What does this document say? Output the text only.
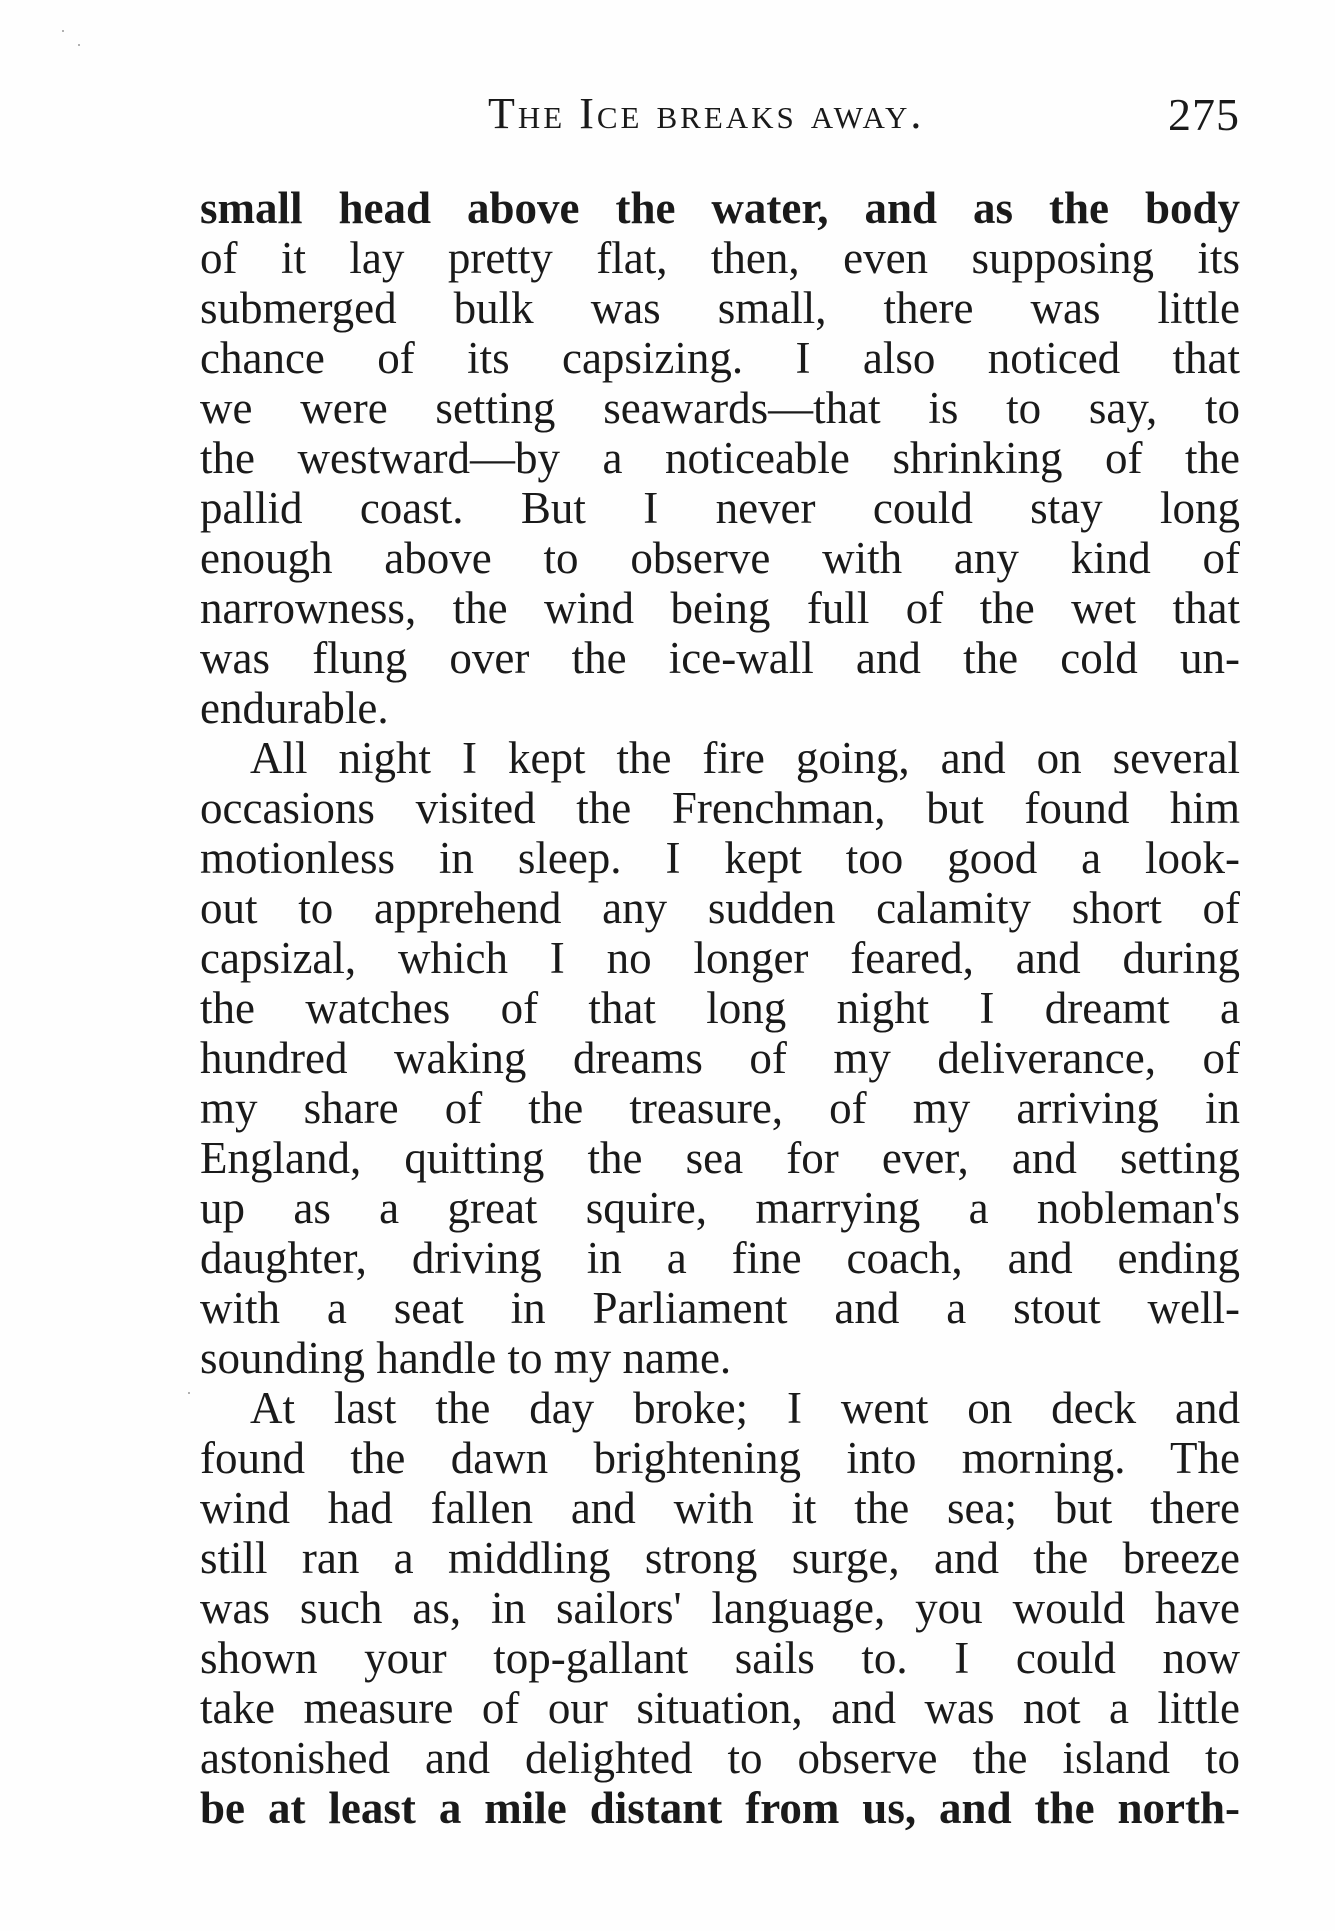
The Ice breaks away.	275
small head above the water, and as the body
of it lay pretty flat, then, even supposing its
submerged bulk was small, there was little
chance of its capsizing. I also noticed that
we were setting seawards—that is to say, to
the westward—by a noticeable shrinking of the
pallid coast. But I never could stay long
enough above to observe with any kind of
narrowness, the wind being full of the wet that
was flung over the ice-wall and the cold un-
endurable.
All night I kept the fire going, and on several
occasions visited the Frenchman, but found him
motionless in sleep. I kept too good a look-
out to apprehend any sudden calamity short of
capsizal, which I no longer feared, and during
the watches of that long night I dreamt a
hundred waking dreams of my deliverance, of
my share of the treasure, of my arriving in
England, quitting the sea for ever, and setting
up as a great squire, marrying a nobleman's
daughter, driving in a fine coach, and ending
with a seat in Parliament and a stout well-
sounding handle to my name.
At last the day broke; I went on deck and
found the dawn brightening into morning. The
wind had fallen and with it the sea; but there
still ran a middling strong surge, and the breeze
was such as, in sailors' language, you would have
shown your top-gallant sails to. I could now
take measure of our situation, and was not a little
astonished and delighted to observe the island to
be at least a mile distant from us, and the north-
